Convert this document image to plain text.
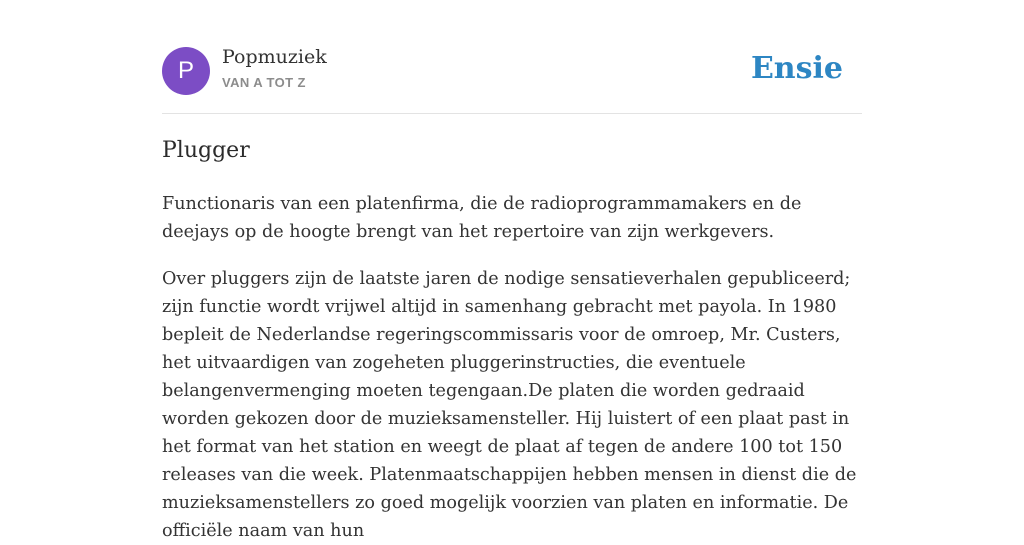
P	Popmuziek
VAN A TOT Z	Ensie
Plugger

Functionaris van een platenfirma, die de radioprogrammamakers en de deejays op de hoogte brengt van het repertoire van zijn werkgevers.

Over pluggers zijn de laatste jaren de nodige sensatieverhalen gepubliceerd; zijn functie wordt vrijwel altijd in samenhang gebracht met payola. In 1980 bepleit de Nederlandse regeringscommissaris voor de omroep, Mr. Custers, het uitvaardigen van zogeheten pluggerinstructies, die eventuele belangenvermenging moeten tegengaan.De platen die worden gedraaid worden gekozen door de muzieksamensteller. Hij luistert of een plaat past in het format van het station en weegt de plaat af tegen de andere 100 tot 150 releases van die week. Platenmaatschappijen hebben mensen in dienst die de muzieksamenstellers zo goed mogelijk voorzien van platen en informatie. De officiële naam van hun
